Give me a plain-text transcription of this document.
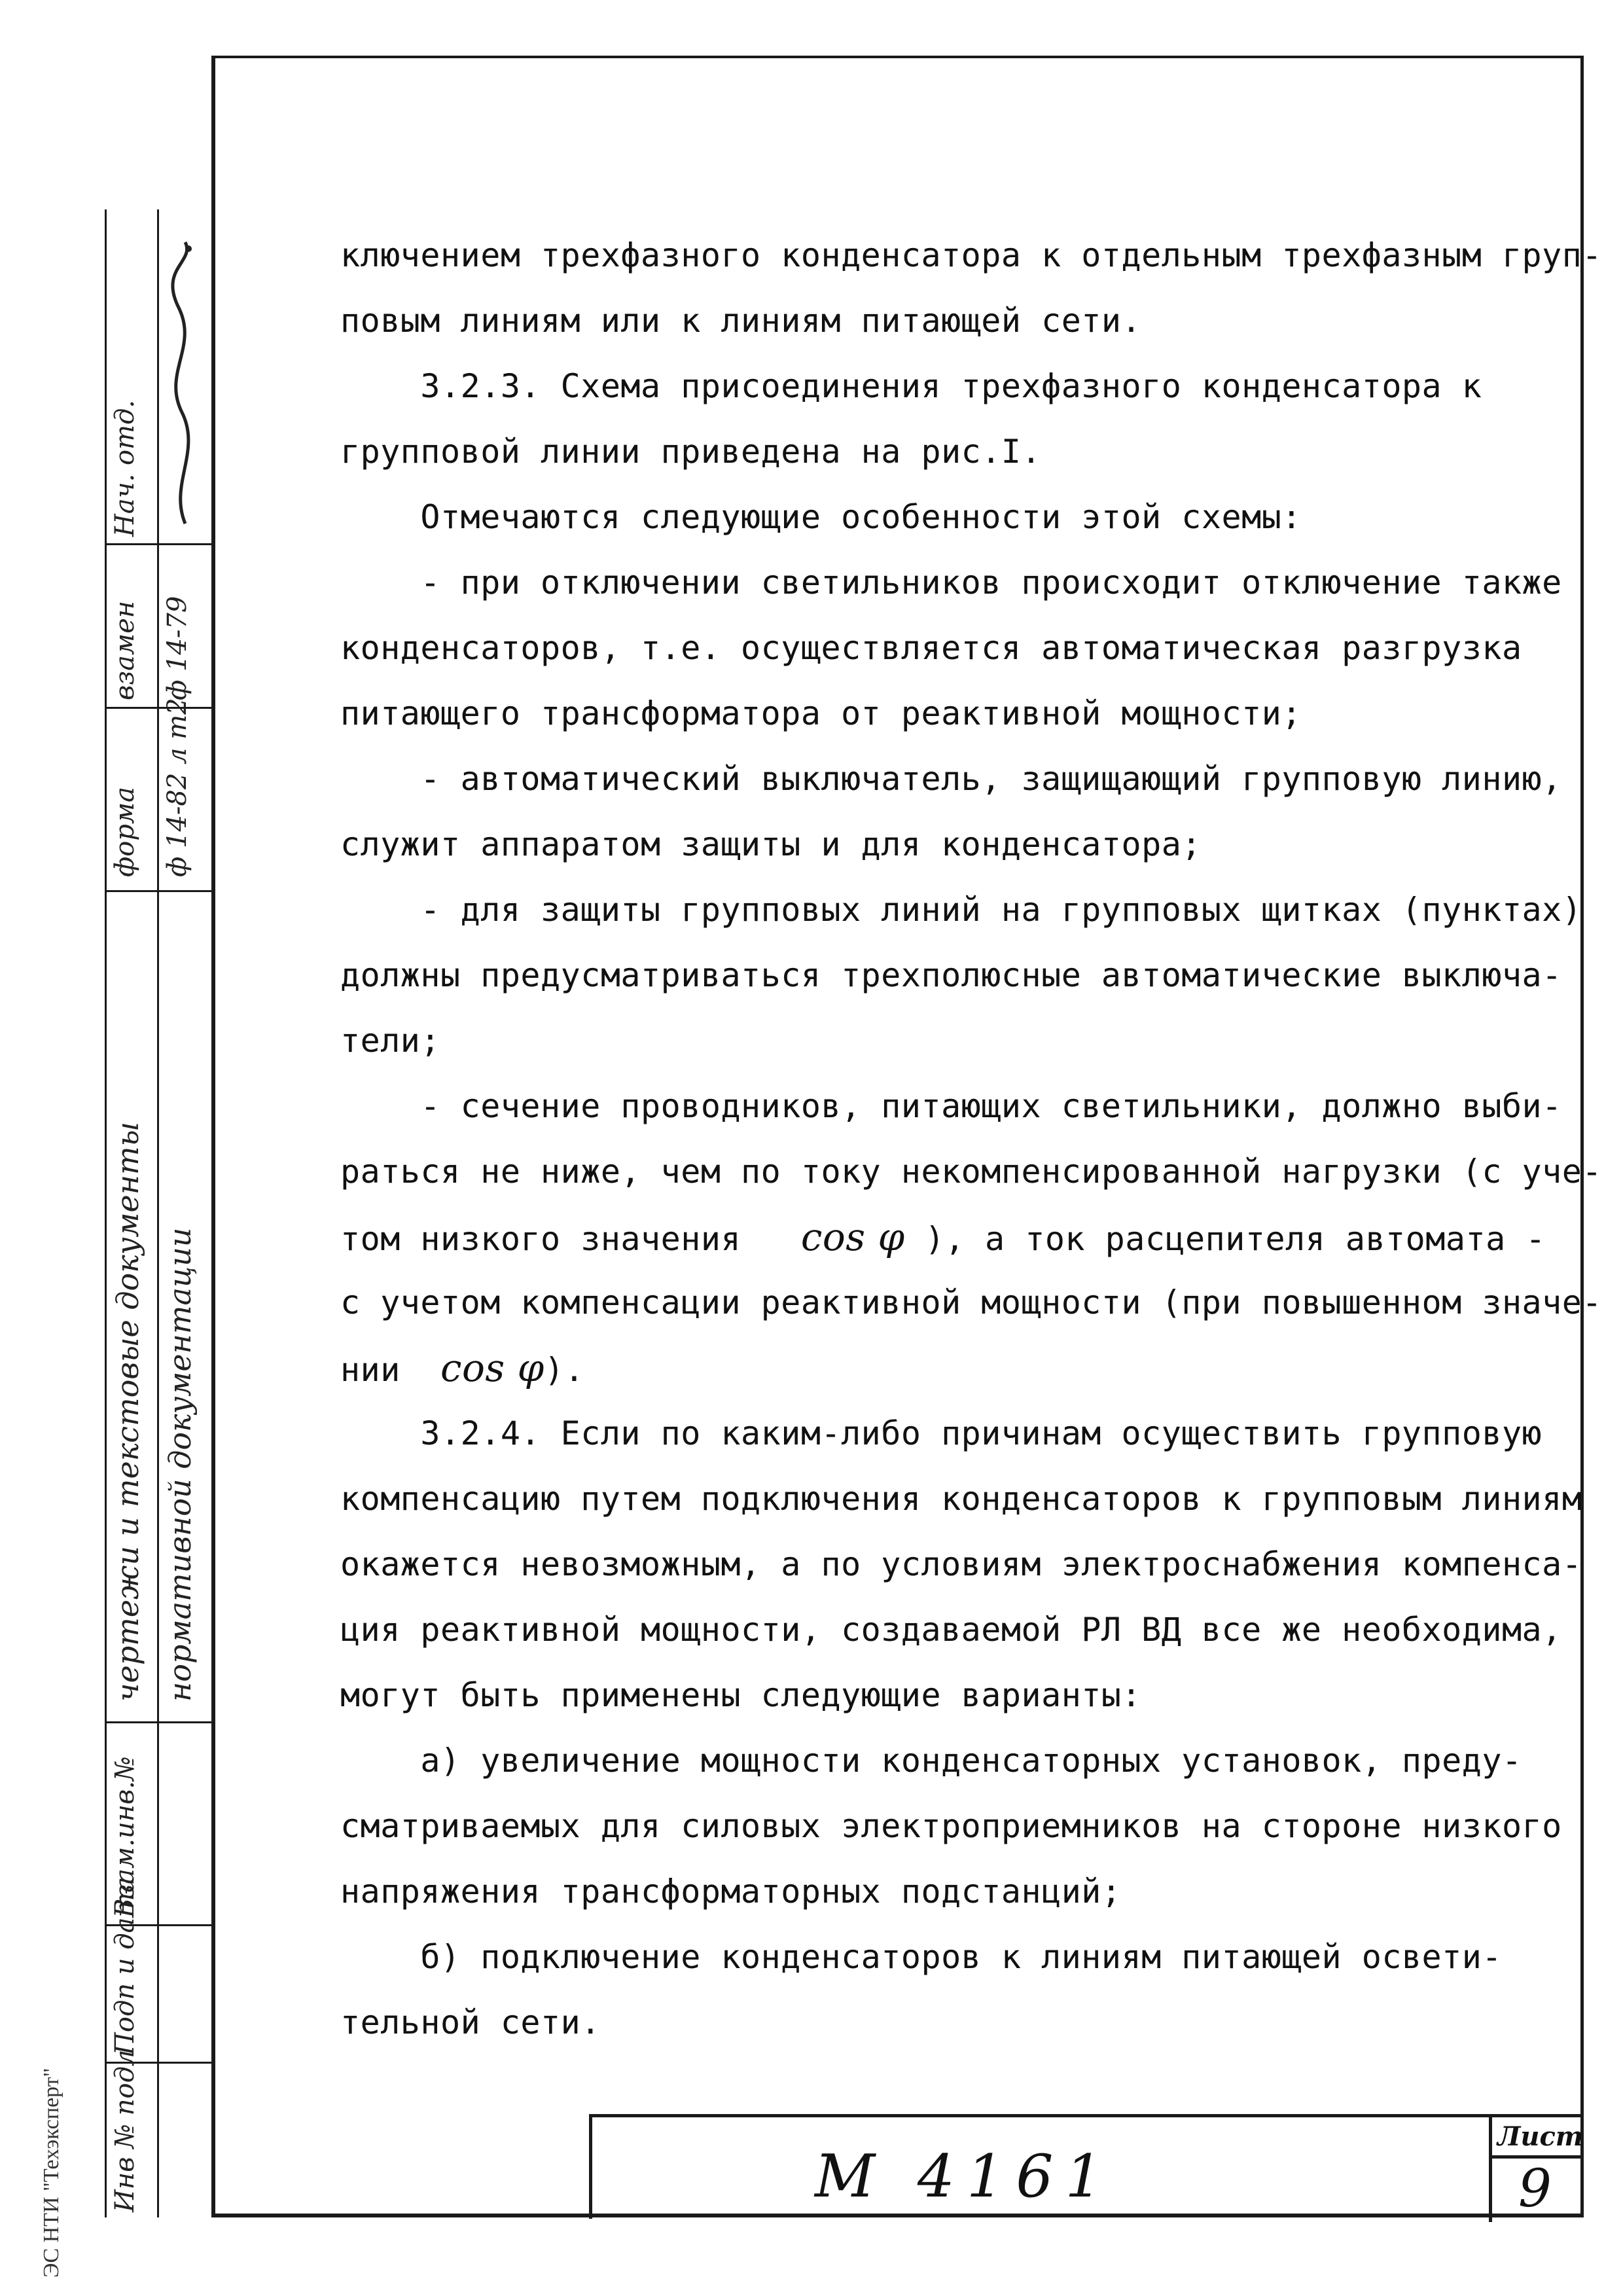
Инв № подл
Подп и дата
Взам.инв.№
чертежи и текстовые документы нормативной документации
форма ф 14-82 л т2
взамен ф 14-79
Нач. отд.
ЭС НТИ "Техэксперт"
ключением трехфазного конденсатора к отдельным трехфазным груп-
повым линиям или к линиям питающей сети.
3.2.3. Схема присоединения трехфазного конденсатора к
групповой линии приведена на рис.I.
Отмечаются следующие особенности этой схемы:
- при отключении светильников происходит отключение также
конденсаторов, т.е. осуществляется автоматическая разгрузка
питающего трансформатора от реактивной мощности;
- автоматический выключатель, защищающий групповую линию,
служит аппаратом защиты и для конденсатора;
- для защиты групповых линий на групповых щитках (пунктах)
должны предусматриваться трехполюсные автоматические выключа-
тели;
- сечение проводников, питающих светильники, должно выби-
раться не ниже, чем по току некомпенсированной нагрузки (с уче-
том низкого значения cos φ ), а ток расцепителя автомата -
с учетом компенсации реактивной мощности (при повышенном значе-
нии cos φ).
3.2.4. Если по каким-либо причинам осуществить групповую
компенсацию путем подключения конденсаторов к групповым линиям
окажется невозможным, а по условиям электроснабжения компенса-
ция реактивной мощности, создаваемой РЛ ВД все же необходима,
могут быть применены следующие варианты:
а) увеличение мощности конденсаторных установок, преду-
сматриваемых для силовых электроприемников на стороне низкого
напряжения трансформаторных подстанций;
б) подключение конденсаторов к линиям питающей освети-
тельной сети.
М 4161
Лист
9
